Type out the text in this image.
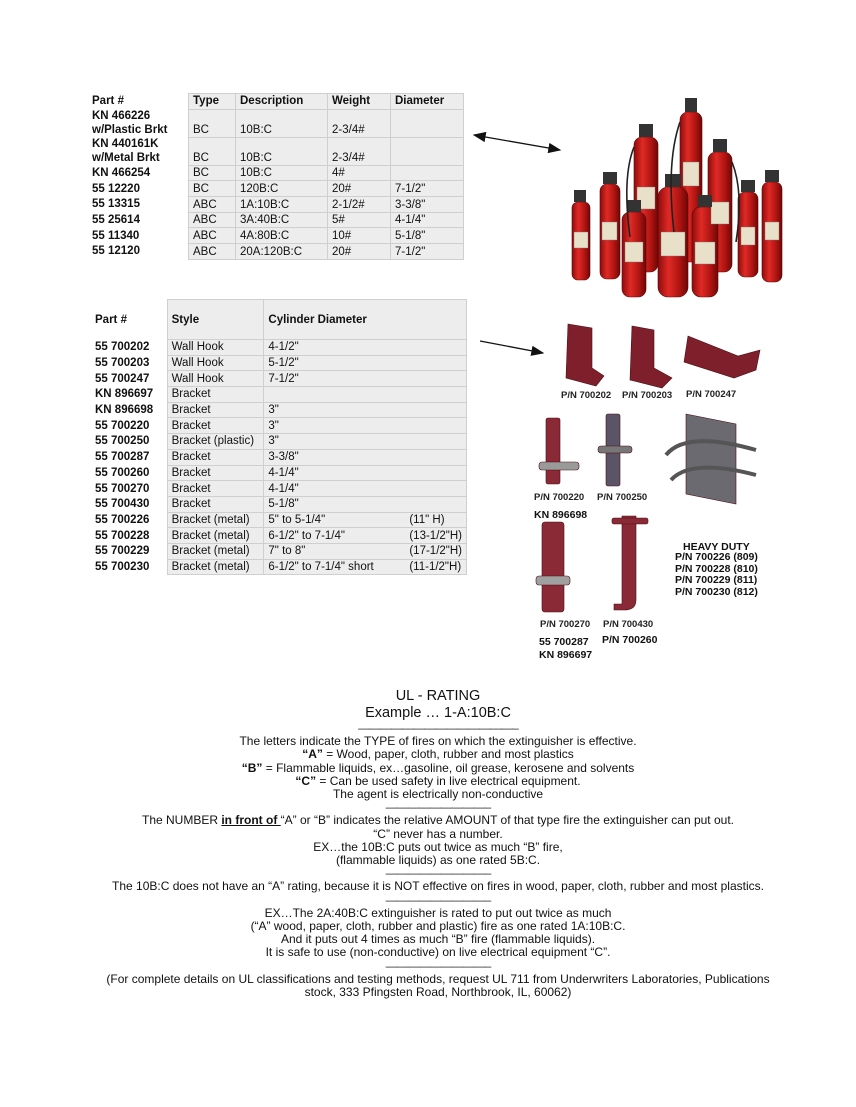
Part #	Type	Description	Weight	Diameter

KN 466226
w/Plastic Brkt	BC	10B:C	2-3/4#	

KN 440161K
w/Metal Brkt	BC	10B:C	2-3/4#	

KN 466254	BC	10B:C	4#	

55 12220	BC	120B:C	20#	7-1/2"

55 13315	ABC	1A:10B:C	2-1/2#	3-3/8"

55 25614	ABC	3A:40B:C	5#	4-1/4"

55 11340	ABC	4A:80B:C	10#	5-1/8"

55 12120	ABC	20A:120B:C	20#	7-1/2"
Part #	Style	Cylinder Diameter	
55 700202	Wall Hook	4-1/2"	
55 700203	Wall Hook	5-1/2"	
55 700247	Wall Hook	7-1/2"	
KN 896697	Bracket		
KN 896698	Bracket	3"	
55 700220	Bracket	3"	
55 700250	Bracket (plastic)	3"	
55 700287	Bracket	3-3/8"	
55 700260	Bracket	4-1/4"	
55 700270	Bracket	4-1/4"	
55 700430	Bracket	5-1/8"	
55 700226	Bracket (metal)	5" to 5-1/4"	(11" H)
55 700228	Bracket (metal)	6-1/2" to 7-1/4"	(13-1/2"H)
55 700229	Bracket (metal)	7" to 8"	(17-1/2"H)
55 700230	Bracket (metal)	6-1/2" to 7-1/4" short	(11-1/2"H)
P/N 700202 P/N 700203 P/N 700247
P/N 700220 P/N 700250
KN 896698
HEAVY DUTY
P/N 700226 (809)
P/N 700228 (810)
P/N 700229 (811)
P/N 700230 (812)
P/N 700270 P/N 700430
55 700287 P/N 700260
KN 896697
UL - RATING
Example … 1-A:10B:C
——————————————–
The letters indicate the TYPE of fires on which the extinguisher is effective.
“A” = Wood, paper, cloth, rubber and most plastics
“B” = Flammable liquids, ex…gasoline, oil grease, kerosene and solvents
“C” = Can be used safety in live electrical equipment.
The agent is electrically non-conductive
—————————–
The NUMBER in front of “A” or “B” indicates the relative AMOUNT of that type fire the extinguisher can put out.
“C” never has a number.
EX…the 10B:C puts out twice as much “B” fire,
(flammable liquids) as one rated 5B:C.
—————————–
The 10B:C does not have an “A” rating, because it is NOT effective on fires in wood, paper, cloth, rubber and most plastics.
—————————–
EX…The 2A:40B:C extinguisher is rated to put out twice as much
(“A” wood, paper, cloth, rubber and plastic) fire as one rated 1A:10B:C.
And it puts out 4 times as much “B” fire (flammable liquids).
It is safe to use (non-conductive) on live electrical equipment “C”.
—————————–
(For complete details on UL classifications and testing methods, request UL 711 from Underwriters Laboratories, Publications
stock, 333 Pfingsten Road, Northbrook, IL, 60062)
